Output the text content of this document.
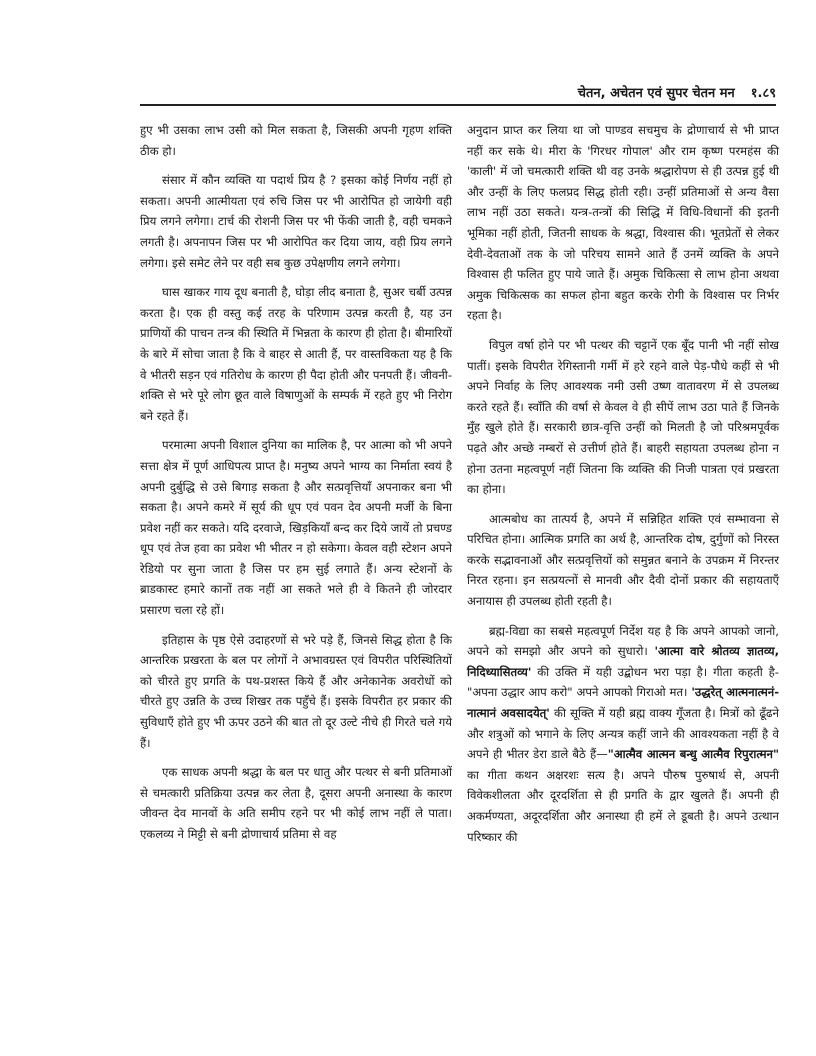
चेतन, अचेतन एवं सुपर चेतन मन १.८९

हुए भी उसका लाभ उसी को मिल सकता है, जिसकी अपनी गृहण शक्ति ठीक हो।

संसार में कौन व्यक्ति या पदार्थ प्रिय है ? इसका कोई निर्णय नहीं हो सकता। अपनी आत्मीयता एवं रुचि जिस पर भी आरोपित हो जायेगी वही प्रिय लगने लगेगा। टार्च की रोशनी जिस पर भी फेंकी जाती है, वही चमकने लगती है। अपनापन जिस पर भी आरोपित कर दिया जाय, वही प्रिय लगने लगेगा। इसे समेट लेने पर वही सब कुछ उपेक्षणीय लगने लगेगा।

घास खाकर गाय दूध बनाती है, घोड़ा लीद बनाता है, सुअर चर्बी उत्पन्न करता है। एक ही वस्तु कई तरह के परिणाम उत्पन्न करती है, यह उन प्राणियों की पाचन तन्त्र की स्थिति में भिन्नता के कारण ही होता है। बीमारियों के बारे में सोचा जाता है कि वे बाहर से आती हैं, पर वास्तविकता यह है कि वे भीतरी सड़न एवं गतिरोध के कारण ही पैदा होती और पनपती हैं। जीवनी-शक्ति से भरे पूरे लोग छूत वाले विषाणुओं के सम्पर्क में रहते हुए भी निरोग बने रहते हैं।

परमात्मा अपनी विशाल दुनिया का मालिक है, पर आत्मा को भी अपने सत्ता क्षेत्र में पूर्ण आधिपत्य प्राप्त है। मनुष्य अपने भाग्य का निर्माता स्वयं है अपनी दुर्बुद्धि से उसे बिगाड़ सकता है और सत्प्रवृत्तियाँ अपनाकर बना भी सकता है। अपने कमरे में सूर्य की धूप एवं पवन देव अपनी मर्जी के बिना प्रवेश नहीं कर सकते। यदि दरवाजे, खिड़कियाँ बन्द कर दिये जायें तो प्रचण्ड धूप एवं तेज हवा का प्रवेश भी भीतर न हो सकेगा। केवल वही स्टेशन अपने रेडियो पर सुना जाता है जिस पर हम सुई लगाते हैं। अन्य स्टेशनों के ब्राडकास्ट हमारे कानों तक नहीं आ सकते भले ही वे कितने ही जोरदार प्रसारण चला रहे हों।

इतिहास के पृष्ठ ऐसे उदाहरणों से भरे पड़े हैं, जिनसे सिद्ध होता है कि आन्तरिक प्रखरता के बल पर लोगों ने अभावग्रस्त एवं विपरीत परिस्थितियों को चीरते हुए प्रगति के पथ-प्रशस्त किये हैं और अनेकानेक अवरोधों को चीरते हुए उन्नति के उच्च शिखर तक पहुँचे हैं। इसके विपरीत हर प्रकार की सुविधाएँ होते हुए भी ऊपर उठने की बात तो दूर उल्टे नीचे ही गिरते चले गये हैं।

एक साधक अपनी श्रद्धा के बल पर धातु और पत्थर से बनी प्रतिमाओं से चमत्कारी प्रतिक्रिया उत्पन्न कर लेता है, दूसरा अपनी अनास्था के कारण जीवन्त देव मानवों के अति समीप रहने पर भी कोई लाभ नहीं ले पाता। एकलव्य ने मिट्टी से बनी द्रोणाचार्य प्रतिमा से वह

अनुदान प्राप्त कर लिया था जो पाण्डव सचमुच के द्रोणाचार्य से भी प्राप्त नहीं कर सके थे। मीरा के 'गिरधर गोपाल' और राम कृष्ण परमहंस की 'काली' में जो चमत्कारी शक्ति थी वह उनके श्रद्धारोपण से ही उत्पन्न हुई थी और उन्हीं के लिए फलप्रद सिद्ध होती रही। उन्हीं प्रतिमाओं से अन्य वैसा लाभ नहीं उठा सकते। यन्त्र-तन्त्रों की सिद्धि में विधि-विधानों की इतनी भूमिका नहीं होती, जितनी साधक के श्रद्धा, विश्वास की। भूतप्रेतों से लेकर देवी-देवताओं तक के जो परिचय सामने आते हैं उनमें व्यक्ति के अपने विश्वास ही फलित हुए पाये जाते हैं। अमुक चिकित्सा से लाभ होना अथवा अमुक चिकित्सक का सफल होना बहुत करके रोगी के विश्वास पर निर्भर रहता है।

विपुल वर्षा होने पर भी पत्थर की चट्टानें एक बूँद पानी भी नहीं सोख पातीं। इसके विपरीत रेगिस्तानी गर्मी में हरे रहने वाले पेड़-पौधे कहीं से भी अपने निर्वाह के लिए आवश्यक नमी उसी उष्ण वातावरण में से उपलब्ध करते रहते हैं। स्वाँति की वर्षा से केवल वे ही सीपें लाभ उठा पाते हैं जिनके मुँह खुले होते हैं। सरकारी छात्र-वृत्ति उन्हीं को मिलती है जो परिश्रमपूर्वक पढ़ते और अच्छे नम्बरों से उत्तीर्ण होते हैं। बाहरी सहायता उपलब्ध होना न होना उतना महत्वपूर्ण नहीं जितना कि व्यक्ति की निजी पात्रता एवं प्रखरता का होना।

आत्मबोध का तात्पर्य है, अपने में सन्निहित शक्ति एवं सम्भावना से परिचित होना। आत्मिक प्रगति का अर्थ है, आन्तरिक दोष, दुर्गुणों को निरस्त करके सद्भावनाओं और सत्प्रवृत्तियों को समुन्नत बनाने के उपक्रम में निरन्तर निरत रहना। इन सत्प्रयत्नों से मानवी और दैवी दोनों प्रकार की सहायताएँ अनायास ही उपलब्ध होती रहती है।

ब्रह्म-विद्या का सबसे महत्वपूर्ण निर्देश यह है कि अपने आपको जानो, अपने को समझो और अपने को सुधारो। 'आत्मा वारे श्रोतव्य ज्ञातव्य, निदिध्यासितव्य' की उक्ति में यही उद्बोधन भरा पड़ा है। गीता कहती है- "अपना उद्धार आप करो" अपने आपको गिराओ मत। 'उद्धरेत् आत्मनात्मनं-नात्मानं अवसादयेत्' की सूक्ति में यही ब्रह्म वाक्य गूँजता है। मित्रों को ढूँढने और शत्रुओं को भगाने के लिए अन्यत्र कहीं जाने की आवश्यकता नहीं है वे अपने ही भीतर डेरा डाले बैठे हैं—"आत्मैव आत्मन बन्धु आत्मैव रिपुरात्मन" का गीता कथन अक्षरशः सत्य है। अपने पौरुष पुरुषार्थ से, अपनी विवेकशीलता और दूरदर्शिता से ही प्रगति के द्वार खुलते हैं। अपनी ही अकर्मण्यता, अदूरदर्शिता और अनास्था ही हमें ले डूबती है। अपने उत्थान परिष्कार की
